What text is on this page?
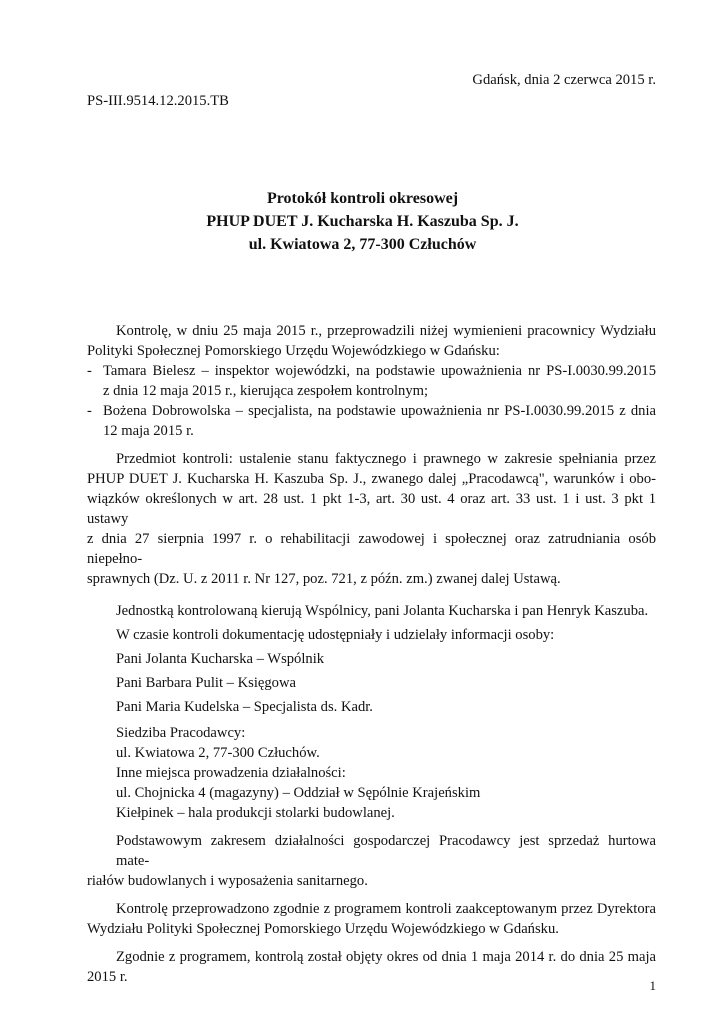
Gdańsk, dnia 2 czerwca 2015 r.
PS-III.9514.12.2015.TB
Protokół kontroli okresowej
PHUP DUET J. Kucharska H. Kaszuba Sp. J.
ul. Kwiatowa 2, 77-300 Człuchów
Kontrolę, w dniu 25 maja 2015 r., przeprowadzili niżej wymienieni pracownicy Wydziału
Polityki Społecznej Pomorskiego Urzędu Wojewódzkiego w Gdańsku:
- Tamara Bielesz – inspektor wojewódzki, na podstawie upoważnienia nr PS-I.0030.99.2015
z dnia 12 maja 2015 r., kierująca zespołem kontrolnym;
- Bożena Dobrowolska – specjalista, na podstawie upoważnienia nr PS-I.0030.99.2015 z dnia
12 maja 2015 r.
Przedmiot kontroli: ustalenie stanu faktycznego i prawnego w zakresie spełniania przez
PHUP DUET J. Kucharska H. Kaszuba Sp. J., zwanego dalej „Pracodawcą", warunków i obo-
wiązków określonych w art. 28 ust. 1 pkt 1-3, art. 30 ust. 4 oraz art. 33 ust. 1 i ust. 3 pkt 1 ustawy
z dnia 27 sierpnia 1997 r. o rehabilitacji zawodowej i społecznej oraz zatrudniania osób niepełno-
sprawnych (Dz. U. z 2011 r. Nr 127, poz. 721, z późn. zm.) zwanej dalej Ustawą.
Jednostką kontrolowaną kierują Wspólnicy, pani Jolanta Kucharska i pan Henryk Kaszuba.
W czasie kontroli dokumentację udostępniały i udzielały informacji osoby:
Pani Jolanta Kucharska – Wspólnik
Pani Barbara Pulit – Księgowa
Pani Maria Kudelska – Specjalista ds. Kadr.
Siedziba Pracodawcy:
ul. Kwiatowa 2, 77-300 Człuchów.
Inne miejsca prowadzenia działalności:
ul. Chojnicka 4 (magazyny) – Oddział w Sępólnie Krajeńskim
Kiełpinek – hala produkcji stolarki budowlanej.
Podstawowym zakresem działalności gospodarczej Pracodawcy jest sprzedaż hurtowa mate-
riałów budowlanych i wyposażenia sanitarnego.
Kontrolę przeprowadzono zgodnie z programem kontroli zaakceptowanym przez Dyrektora
Wydziału Polityki Społecznej Pomorskiego Urzędu Wojewódzkiego w Gdańsku.
Zgodnie z programem, kontrolą został objęty okres od dnia 1 maja 2014 r. do dnia 25 maja
2015 r.
1
